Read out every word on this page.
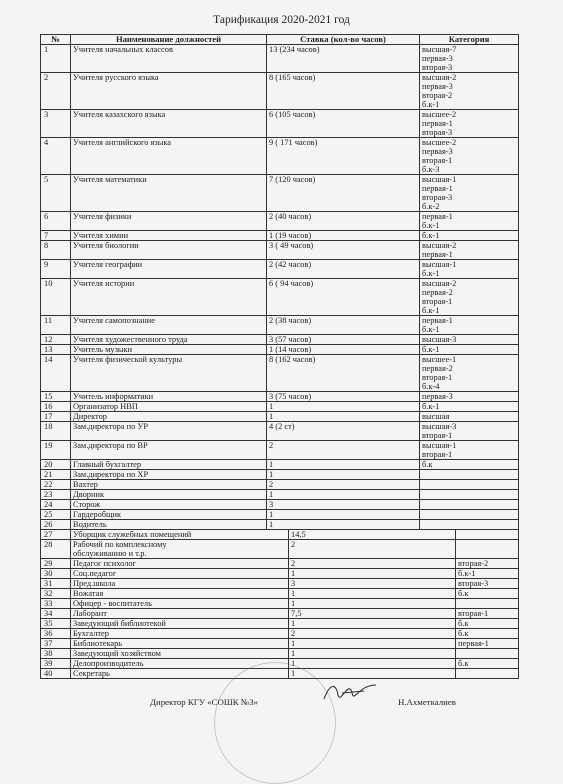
Тарификация 2020-2021 год
№	Наименование должностей	Ставка (кол-во часов)	Категория
1	Учителя начальных классов	13 (234 часов)	высшая-7
первая-3
вторая-3

2	Учителя русского языка	8 (165 часов)	высшая-2
первая-3
вторая-2
б.к-1

3	Учителя казахского языка	6 (105 часов)	высшее-2
первая-1
вторая-3

4	Учителя английского языка	9 ( 171 часов)	высшее-2
первая-3
вторая-1
б.к-3

5	Учителя математики	7 (120 часов)	высшая-1
первая-1
вторая-3
б.к-2

6	Учителя физики	2 (40 часов)	первая-1
б.к-1

7	Учителя химии	1 (19 часов)	б.к-1

8	Учителя биологии	3 ( 49 часов)	высшая-2
первая-1

9	Учителя географии	2 (42 часов)	высшая-1
б.к-1

10	Учителя истории	6 ( 94 часов)	высшая-2
первая-2
вторая-1
б.к-1

11	Учителя самопознание	2 (38 часов)	первая-1
б.к-1

12	Учителя художественного труда	3 (57 часов)	высшая-3

13	Учитель музыки	1 (14 часов)	б.к-1

14	Учителя физической культуры	8 (162 часов)	высшее-1
первая-2
вторая-1
б.к-4

15	Учитель информатики	3 (75 часов)	первая-3

16	Организатор НВП	1	б.к-1

17	Директор	1	высшая

18	Зам.директора по УР	4 (2 ст)	высшая-3
вторая-1

19	Зам.директора по ВР	2	высшая-1
вторая-1

20	Главный бухгалтер	1	б.к

21	Зам.директора по ХР	1	

22	Вахтер	2	

23	Дворник	1	

24	Сторож	3	

25	Гардеробщик	1	

26	Водитель	1	
27	Уборщик служебных помещений	14,5	
28	Рабочий по комплексному
обслуживанию и т.р.	2	
29	Педагог психолог	2	вторая-2
30	Соц.педагог	1	б.к-1
31	Пред.школа	3	вторая-3
32	Вожатая	1	б.к
33	Офицер - воспитатель	1	
34	Лаборант	7,5	вторая-1
35	Заведующий библиотекой	1	б.к
36	Бухгалтер	2	б.к
37	Библиотекарь	1	первая-1
38	Заведующий хозяйством	1	
39	Делопроизводитель	1	б.к
40	Секретарь	1	
Директор КГУ «СОШК №3»	Н.Ахметкалиев
